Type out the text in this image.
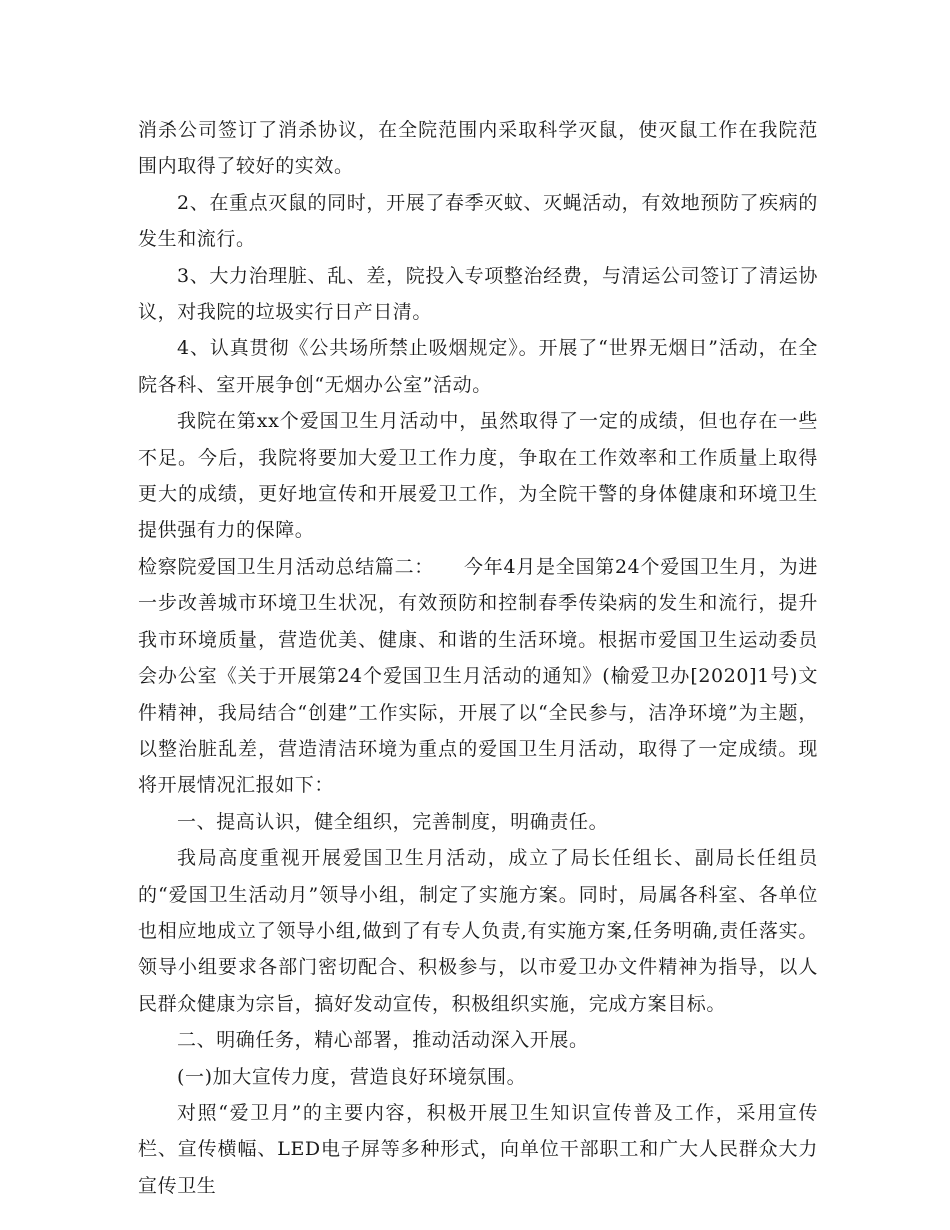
消杀公司签订了消杀协议，在全院范围内采取科学灭鼠，使灭鼠工作在我院范围内取得了较好的实效。

2、在重点灭鼠的同时，开展了春季灭蚊、灭蝇活动，有效地预防了疾病的发生和流行。

3、大力治理脏、乱、差，院投入专项整治经费，与清运公司签订了清运协议，对我院的垃圾实行日产日清。

4、认真贯彻《公共场所禁止吸烟规定》。开展了“世界无烟日”活动，在全院各科、室开展争创“无烟办公室”活动。

我院在第xx个爱国卫生月活动中，虽然取得了一定的成绩，但也存在一些不足。今后，我院将要加大爱卫工作力度，争取在工作效率和工作质量上取得更大的成绩，更好地宣传和开展爱卫工作，为全院干警的身体健康和环境卫生提供强有力的保障。

检察院爱国卫生月活动总结篇二：　　今年4月是全国第24个爱国卫生月，为进一步改善城市环境卫生状况，有效预防和控制春季传染病的发生和流行，提升我市环境质量，营造优美、健康、和谐的生活环境。根据市爱国卫生运动委员会办公室《关于开展第24个爱国卫生月活动的通知》(榆爱卫办[2020]1号)文件精神，我局结合“创建”工作实际，开展了以“全民参与，洁净环境”为主题，以整治脏乱差，营造清洁环境为重点的爱国卫生月活动，取得了一定成绩。现将开展情况汇报如下：

一、提高认识，健全组织，完善制度，明确责任。

我局高度重视开展爱国卫生月活动，成立了局长任组长、副局长任组员的“爱国卫生活动月”领导小组，制定了实施方案。同时，局属各科室、各单位也相应地成立了领导小组,做到了有专人负责,有实施方案,任务明确,责任落实。领导小组要求各部门密切配合、积极参与，以市爱卫办文件精神为指导，以人民群众健康为宗旨，搞好发动宣传，积极组织实施，完成方案目标。

二、明确任务，精心部署，推动活动深入开展。

(一)加大宣传力度，营造良好环境氛围。

对照“爱卫月”的主要内容，积极开展卫生知识宣传普及工作，采用宣传栏、宣传横幅、LED电子屏等多种形式，向单位干部职工和广大人民群众大力宣传卫生
